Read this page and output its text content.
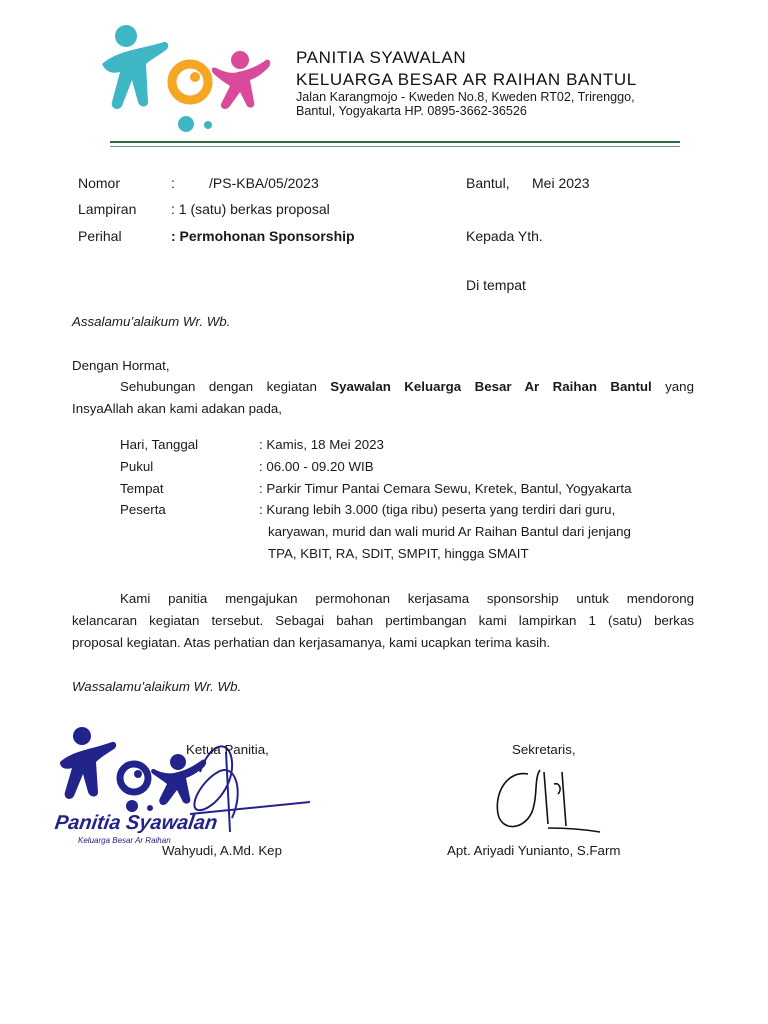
PANITIA SYAWALAN
KELUARGA BESAR AR RAIHAN BANTUL
Jalan Karangmojo - Kweden No.8, Kweden RT02, Trirenggo,
Bantul, Yogyakarta HP. 0895-3662-36526
Nomor	: /PS-KBA/05/2023
Lampiran : 1 (satu) berkas proposal
Perihal	: Permohonan Sponsorship
Bantul, Mei 2023
Kepada Yth.
Di tempat
Assalamu’alaikum Wr. Wb.
Dengan Hormat,
Sehubungan dengan kegiatan Syawalan Keluarga Besar Ar Raihan Bantul yang
InsyaAllah akan kami adakan pada,
Hari, Tanggal	: Kamis, 18 Mei 2023
Pukul	: 06.00 - 09.20 WIB
Tempat	: Parkir Timur Pantai Cemara Sewu, Kretek, Bantul, Yogyakarta
Peserta	: Kurang lebih 3.000 (tiga ribu) peserta yang terdiri dari guru,
karyawan, murid dan wali murid Ar Raihan Bantul dari jenjang
TPA, KBIT, RA, SDIT, SMPIT, hingga SMAIT
Kami panitia mengajukan permohonan kerjasama sponsorship untuk mendorong
kelancaran kegiatan tersebut. Sebagai bahan pertimbangan kami lampirkan 1 (satu) berkas
proposal kegiatan. Atas perhatian dan kerjasamanya, kami ucapkan terima kasih.
Wassalamu’alaikum Wr. Wb.
Panitia Syawalan
Keluarga Besar Ar Raihan
Ketua Panitia,
Wahyudi, A.Md. Kep
Sekretaris,
Apt. Ariyadi Yunianto, S.Farm
